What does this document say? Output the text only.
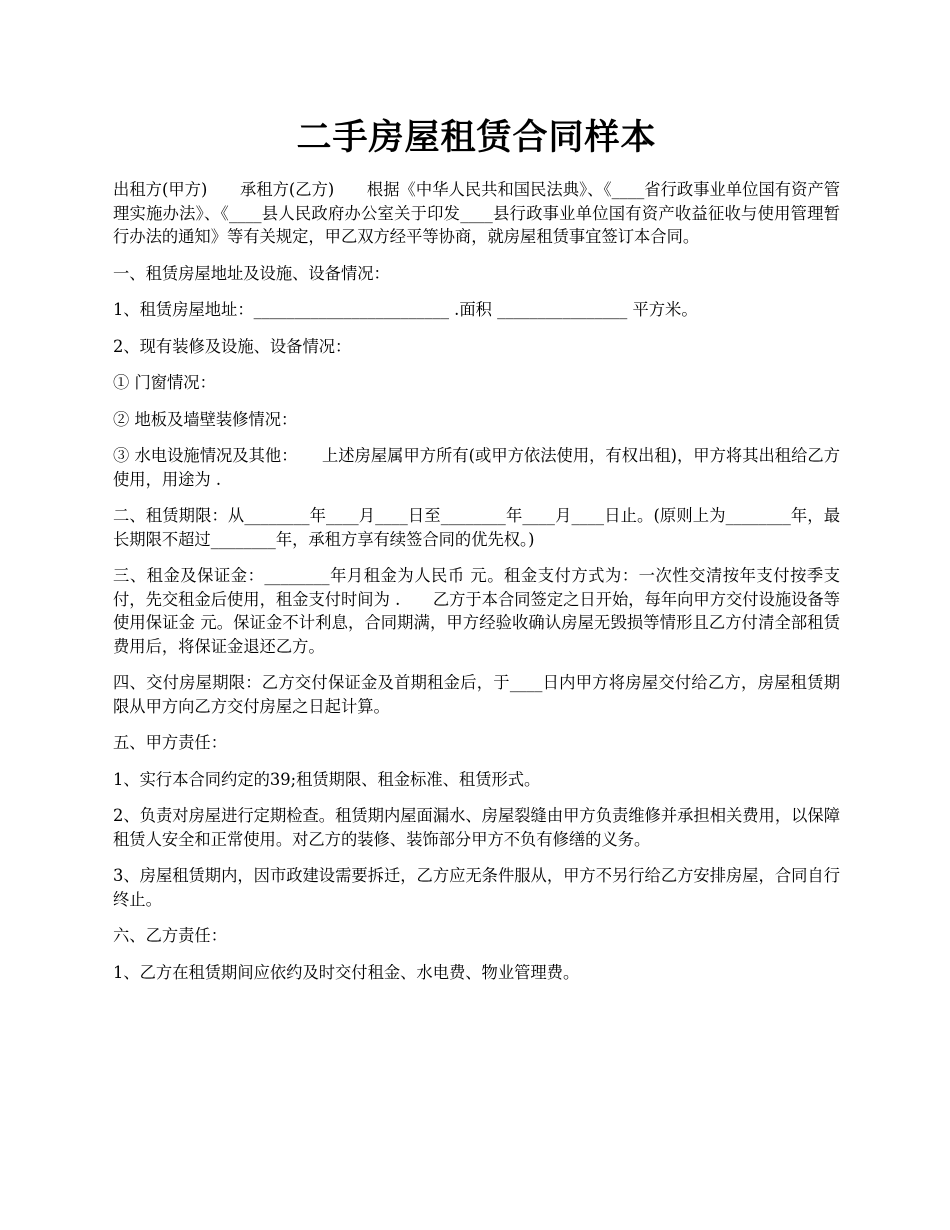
二手房屋租赁合同样本

出租方(甲方)　　承租方(乙方)　　根据《中华人民共和国民法典》、《____省行政事业单位国有资产管理实施办法》、《____县人民政府办公室关于印发____县行政事业单位国有资产收益征收与使用管理暂行办法的通知》等有关规定，甲乙双方经平等协商，就房屋租赁事宜签订本合同。

一、租赁房屋地址及设施、设备情况：

1、租赁房屋地址：________________________ .面积 ________________ 平方米。

2、现有装修及设施、设备情况：

① 门窗情况：

② 地板及墙壁装修情况：

③ 水电设施情况及其他：　　上述房屋属甲方所有(或甲方依法使用，有权出租)，甲方将其出租给乙方使用，用途为 .

二、租赁期限：从________年____月____日至________年____月____日止。(原则上为________年，最长期限不超过________年，承租方享有续签合同的优先权。)

三、租金及保证金：________年月租金为人民币 元。租金支付方式为：一次性交清按年支付按季支付，先交租金后使用，租金支付时间为 .　　乙方于本合同签定之日开始，每年向甲方交付设施设备等使用保证金 元。保证金不计利息，合同期满，甲方经验收确认房屋无毁损等情形且乙方付清全部租赁费用后，将保证金退还乙方。

四、交付房屋期限：乙方交付保证金及首期租金后，于____日内甲方将房屋交付给乙方，房屋租赁期限从甲方向乙方交付房屋之日起计算。

五、甲方责任：

1、实行本合同约定的39;租赁期限、租金标准、租赁形式。

2、负责对房屋进行定期检查。租赁期内屋面漏水、房屋裂缝由甲方负责维修并承担相关费用，以保障租赁人安全和正常使用。对乙方的装修、装饰部分甲方不负有修缮的义务。

3、房屋租赁期内，因市政建设需要拆迁，乙方应无条件服从，甲方不另行给乙方安排房屋，合同自行终止。

六、乙方责任：

1、乙方在租赁期间应依约及时交付租金、水电费、物业管理费。
